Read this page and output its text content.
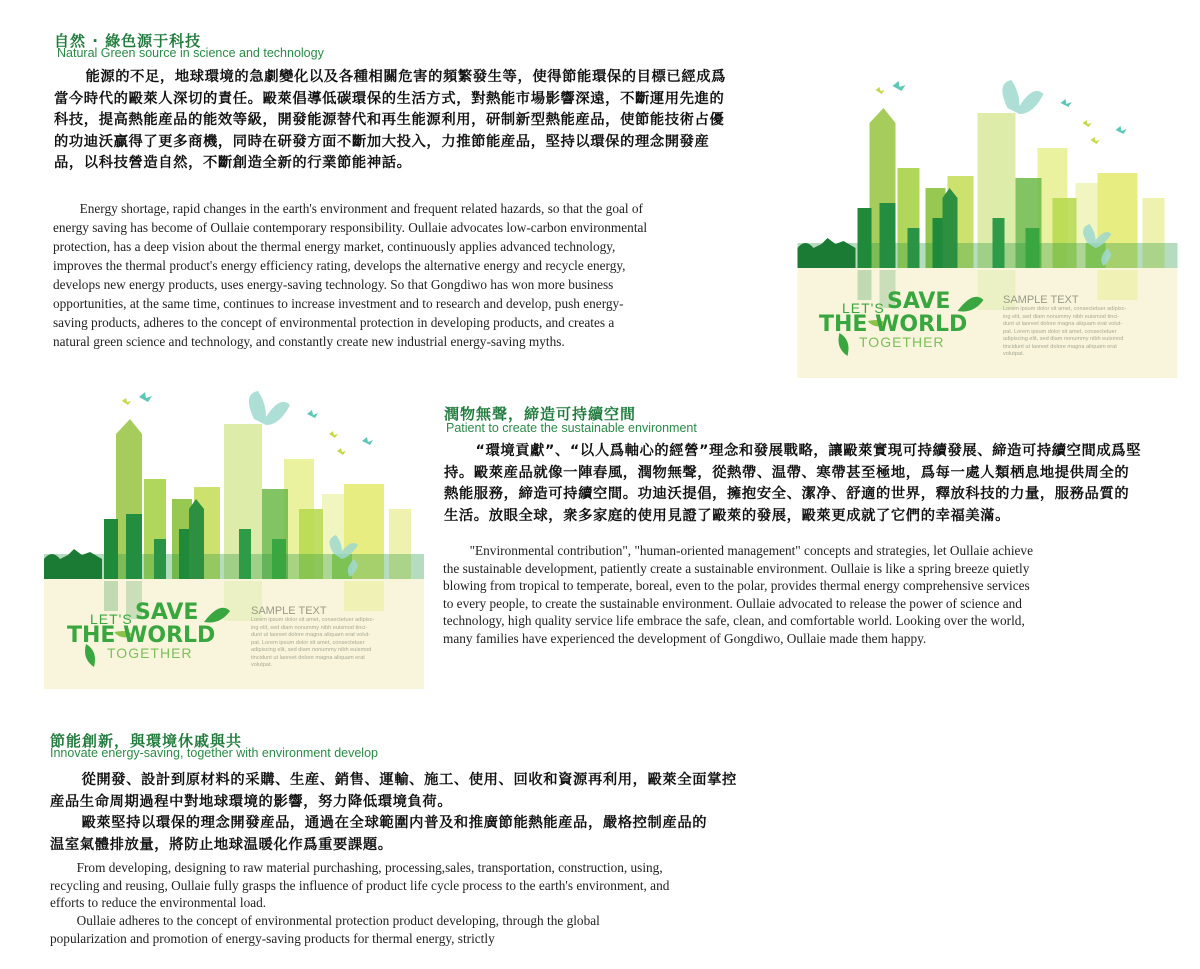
自然 · 綠色源于科技
Natural Green source in science and technology

能源的不足，地球環境的急劇變化以及各種相關危害的頻繁發生等，使得節能環保的目標已經成爲當今時代的毆萊人深切的責任。毆萊倡導低碳環保的生活方式，對熱能市場影響深遠，不斷運用先進的科技，提高熱能産品的能效等級，開發能源替代和再生能源利用，研制新型熱能産品，使節能技術占優的功迪沃贏得了更多商機，同時在研發方面不斷加大投入，力推節能産品，堅持以環保的理念開發産品，以科技營造自然，不斷創造全新的行業節能神話。

Energy shortage, rapid changes in the earth's environment and frequent related hazards, so that the goal of energy saving has become of Oullaie contemporary responsibility. Oullaie advocates low-carbon environmental protection, has a deep vision about the thermal energy market, continuously applies advanced technology, improves the thermal product's energy efficiency rating, develops the alternative energy and recycle energy, develops new energy products, uses energy-saving technology. So that Gongdiwo has won more business opportunities, at the same time, continues to increase investment and to research and develop, push energy-saving products, adheres to the concept of environmental protection in developing products, and creates a natural green science and technology, and constantly create new industrial energy-saving myths.

LET'S SAVE
THE WORLD
TOGETHER
SAMPLE TEXT
Lorem ipsum dolor sit amet, consectetuer adipisc-
ing elit, sed diam nonummy nibh euismod tinci-
dunt ut laoreet dolore magna aliquam erat volut-
pat. Lorem ipsum dolor sit amet, consectetuer
adipiscing elit, sed diam nonummy nibh euismod
tincidunt ut laoreet dolore magna aliquam erat
volutpat.
LET'S SAVE
THE WORLD
TOGETHER
SAMPLE TEXT
Lorem ipsum dolor sit amet, consectetuer adipisc-
ing elit, sed diam nonummy nibh euismod tinci-
dunt ut laoreet dolore magna aliquam erat volut-
pat. Lorem ipsum dolor sit amet, consectetuer
adipiscing elit, sed diam nonummy nibh euismod
tincidunt ut laoreet dolore magna aliquam erat
volutpat.
潤物無聲，締造可持續空間
Patient to create the sustainable environment

“環境貢獻”、“以人爲軸心的經營”理念和發展戰略，讓毆萊實現可持續發展、締造可持續空間成爲堅持。毆萊産品就像一陣春風，潤物無聲，從熱帶、温帶、寒帶甚至極地，爲每一處人類栖息地提供周全的熱能服務，締造可持續空間。功迪沃提倡，擁抱安全、潔净、舒適的世界，釋放科技的力量，服務品質的生活。放眼全球，衆多家庭的使用見證了毆萊的發展，毆萊更成就了它們的幸福美滿。

"Environmental contribution", "human-oriented management" concepts and strategies, let Oullaie achieve the sustainable development, patiently create a sustainable environment. Oullaie is like a spring breeze quietly blowing from tropical to temperate, boreal, even to the polar, provides thermal energy comprehensive services to every people, to create the sustainable environment. Oullaie advocated to release the power of science and technology, high quality service life embrace the safe, clean, and comfortable world. Looking over the world, many families have experienced the development of Gongdiwo, Oullaie made them happy.

節能創新，與環境休戚與共
Innovate energy-saving, together with environment develop

從開發、設計到原材料的采購、生産、銷售、運輸、施工、使用、回收和資源再利用，毆萊全面掌控産品生命周期過程中對地球環境的影響，努力降低環境負荷。

毆萊堅持以環保的理念開發産品，通過在全球範圍内普及和推廣節能熱能産品，嚴格控制産品的温室氣體排放量，將防止地球温暖化作爲重要課題。

From developing, designing to raw material purchashing, processing,sales, transportation, construction, using, recycling and reusing, Oullaie fully grasps the influence of product life cycle process to the earth's environment, and efforts to reduce the environmental load.

Oullaie adheres to the concept of environmental protection product developing, through the global popularization and promotion of energy-saving products for thermal energy, strictly
